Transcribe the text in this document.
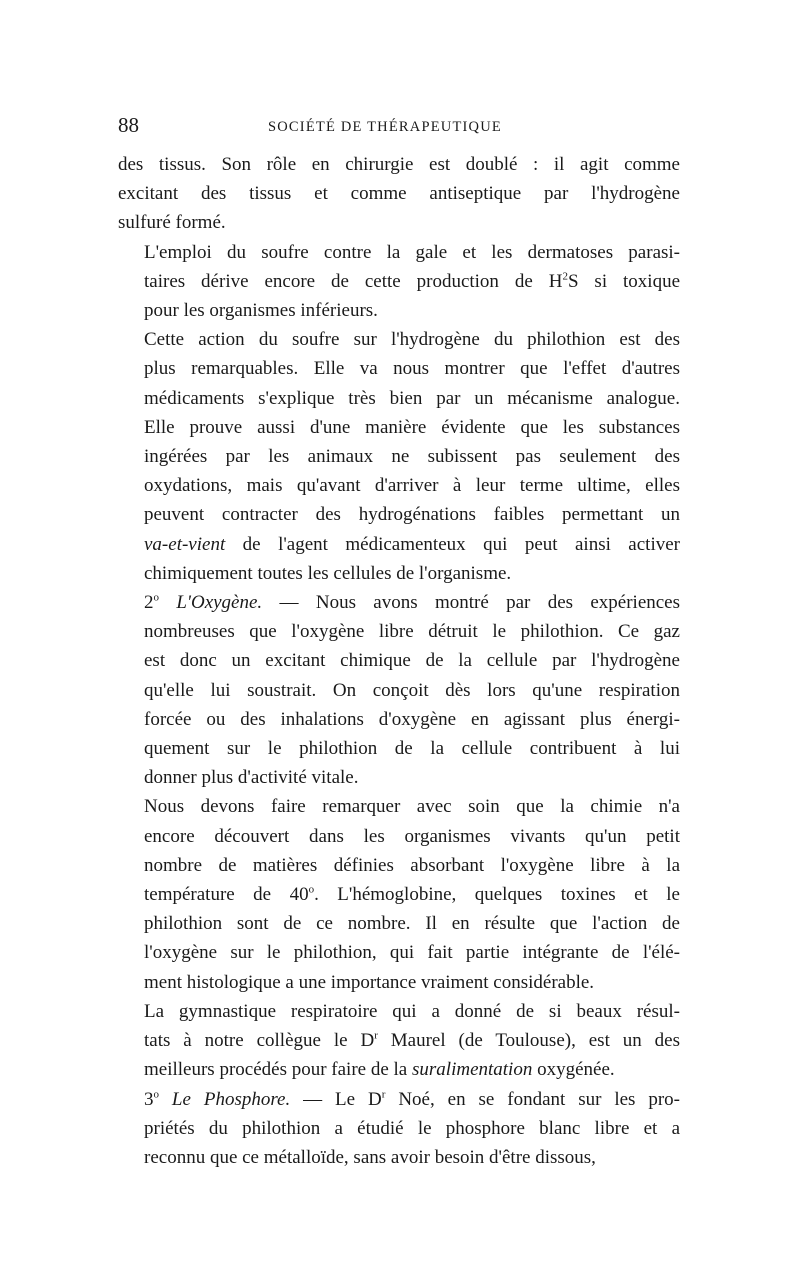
88	SOCIÉTÉ DE THÉRAPEUTIQUE

des tissus. Son rôle en chirurgie est doublé : il agit comme
excitant des tissus et comme antiseptique par l'hydrogène
sulfuré formé.

L'emploi du soufre contre la gale et les dermatoses parasi-
taires dérive encore de cette production de $H^2S$ si toxique
pour les organismes inférieurs.

Cette action du soufre sur l'hydrogène du philothion est des
plus remarquables. Elle va nous montrer que l'effet d'autres
médicaments s'explique très bien par un mécanisme analogue.
Elle prouve aussi d'une manière évidente que les substances
ingérées par les animaux ne subissent pas seulement des
oxydations, mais qu'avant d'arriver à leur terme ultime, elles
peuvent contracter des hydrogénations faibles permettant un
va-et-vient de l'agent médicamenteux qui peut ainsi activer
chimiquement toutes les cellules de l'organisme.

2$^o$ L'Oxygène. — Nous avons montré par des expériences
nombreuses que l'oxygène libre détruit le philothion. Ce gaz
est donc un excitant chimique de la cellule par l'hydrogène
qu'elle lui soustrait. On conçoit dès lors qu'une respiration
forcée ou des inhalations d'oxygène en agissant plus énergi-
quement sur le philothion de la cellule contribuent à lui
donner plus d'activité vitale.

Nous devons faire remarquer avec soin que la chimie n'a
encore découvert dans les organismes vivants qu'un petit
nombre de matières définies absorbant l'oxygène libre à la
température de 40$^o$. L'hémoglobine, quelques toxines et le
philothion sont de ce nombre. Il en résulte que l'action de
l'oxygène sur le philothion, qui fait partie intégrante de l'élé-
ment histologique a une importance vraiment considérable.

La gymnastique respiratoire qui a donné de si beaux résul-
tats à notre collègue le $D^r$ Maurel (de Toulouse), est un des
meilleurs procédés pour faire de la suralimentation oxygénée.

3$^o$ Le Phosphore. — Le $D^r$ Noé, en se fondant sur les pro-
priétés du philothion a étudié le phosphore blanc libre et a
reconnu que ce métalloïde, sans avoir besoin d'être dissous,
